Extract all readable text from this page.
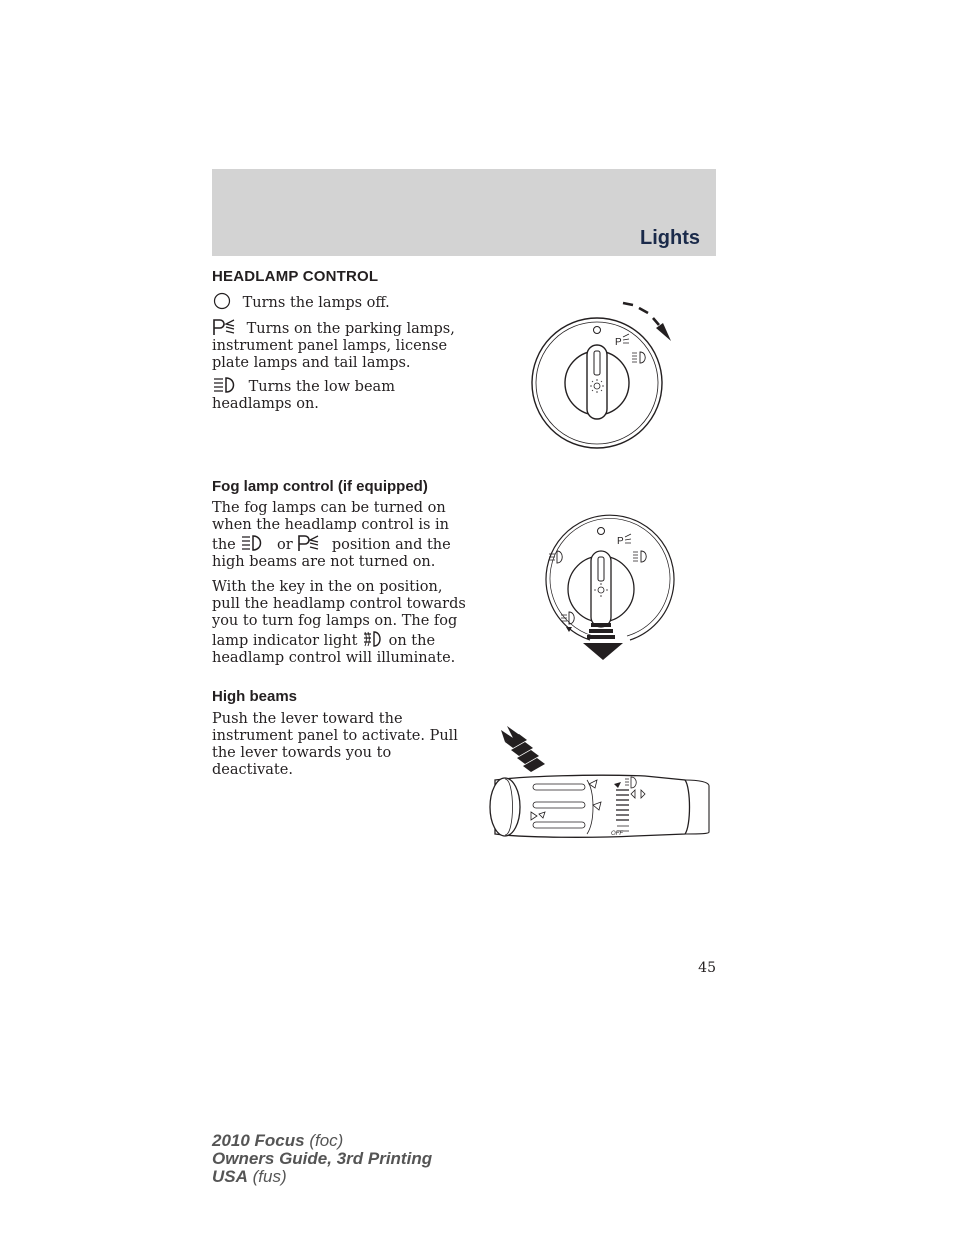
Lights
HEADLAMP CONTROL
Turns the lamps off.
Turns on the parking lamps, instrument panel lamps, license plate lamps and tail lamps.
Turns the low beam headlamps on.
P
Fog lamp control (if equipped)

The fog lamps can be turned on when the headlamp control is in the	or	position and the high beams are not turned on.

With the key in the on position, pull the headlamp control towards you to turn fog lamps on. The fog lamp indicator light on the headlamp control will illuminate.

P
High beams

Push the lever toward the instrument panel to activate. Pull the lever towards you to deactivate.

OFF
45
2010 Focus (foc)
Owners Guide, 3rd Printing
USA (fus)
